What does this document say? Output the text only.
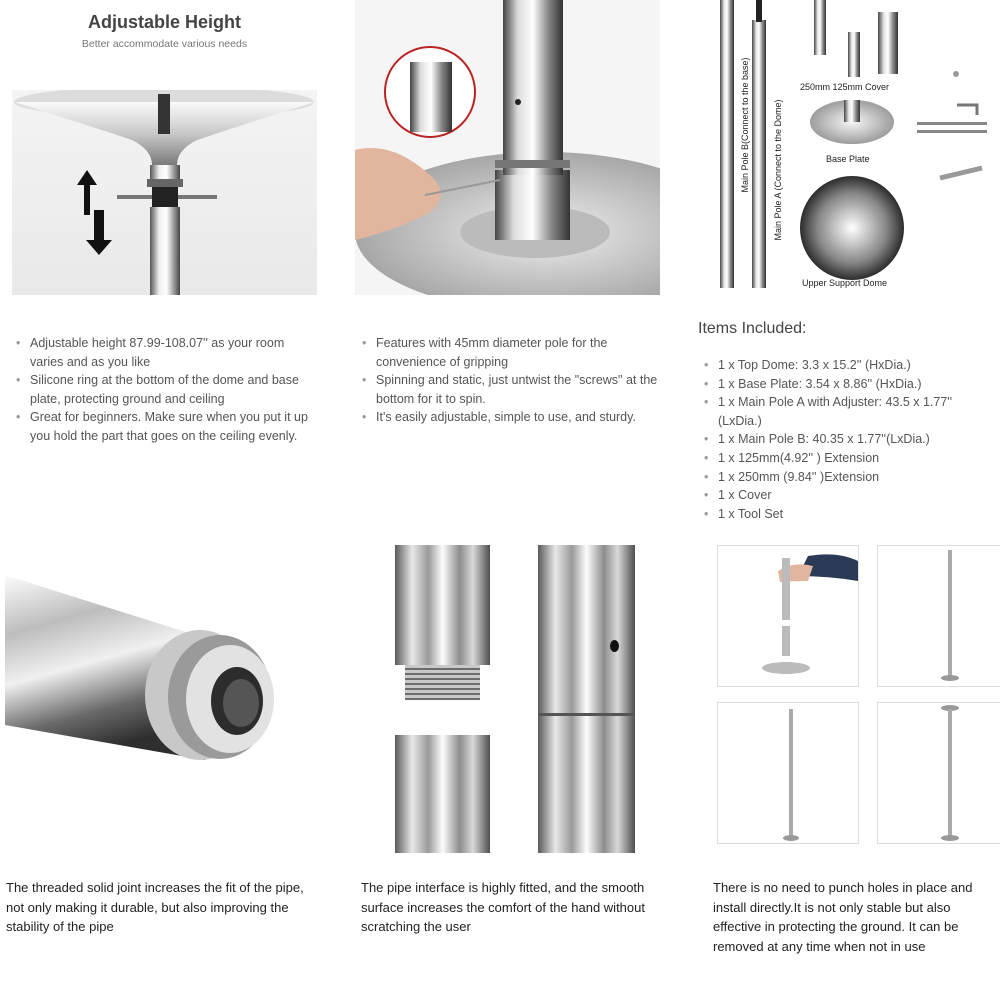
Adjustable Height
Better accommodate various needs
• Adjustable height 87.99-108.07'' as your room varies and as you like
• Silicone ring at the bottom of the dome and base plate, protecting ground and ceiling
• Great for beginners. Make sure when you put it up you hold the part that goes on the ceiling evenly.
• Features with 45mm diameter pole for the convenience of gripping
• Spinning and static, just untwist the "screws" at the bottom for it to spin.
• It's easily adjustable, simple to use, and sturdy.
Main Pole B(Connect to the base)	Main Pole A (Connect to the Dome)
250mm 125mm Cover
Base Plate
Upper Support Dome
Items Included:
• 1 x Top Dome: 3.3 x 15.2'' (HxDia.)
• 1 x Base Plate: 3.54 x 8.86'' (HxDia.)
• 1 x Main Pole A with Adjuster: 43.5 x 1.77'' (LxDia.)
• 1 x Main Pole B: 40.35 x 1.77''(LxDia.)
• 1 x 125mm(4.92'' ) Extension
• 1 x 250mm (9.84'' )Extension
• 1 x Cover
• 1 x Tool Set
The threaded solid joint increases the fit of the pipe, not only making it durable, but also improving the stability of the pipe
The pipe interface is highly fitted, and the smooth surface increases the comfort of the hand without scratching the user
There is no need to punch holes in place and install directly.It is not only stable but also effective in protecting the ground. It can be removed at any time when not in use
